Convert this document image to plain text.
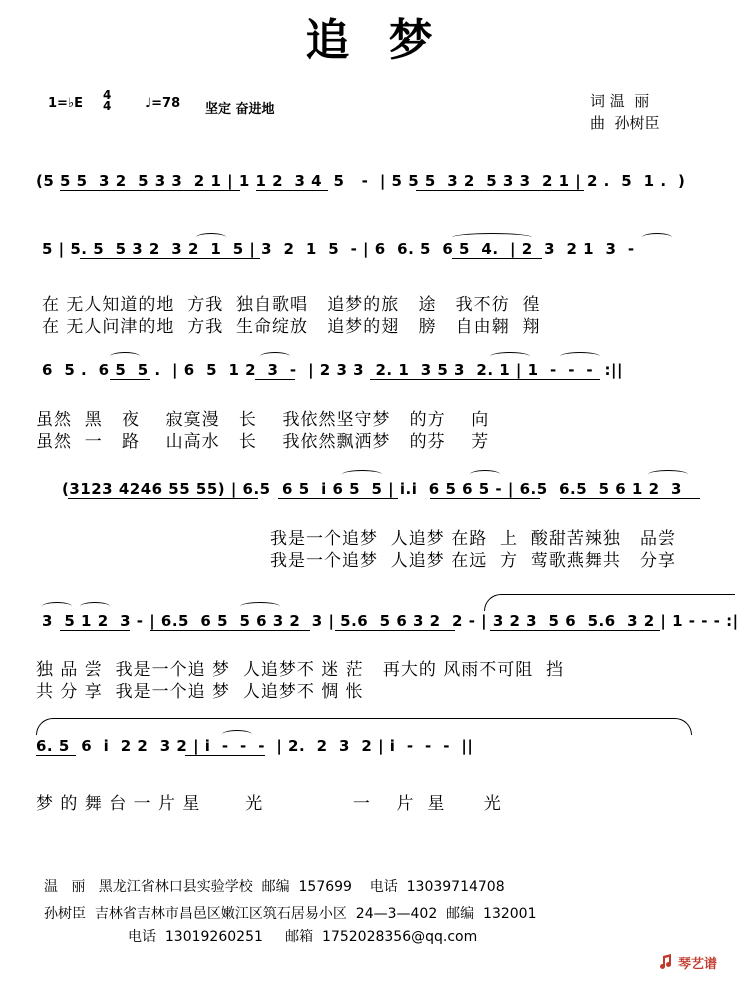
追 梦
1=♭E
4
4	♩=78 坚定 奋进地	词 温  丽
曲  孙树臣
(5 5 5  3 2  5 3 3  2 1 | 1 1 2  3 4  5   -  | 5 5 5  3 2  5 3 3  2 1 | 2 .  5  1 .  )
5 | 5. 5  5 3 2  3 2  1  5 | 3  2  1  5  - | 6  6. 5  6 5  4.  | 2  3  2 1  3  -
在 无人知道的地  方我  独自歌唱   追梦的旅   途   我不彷  徨
在 无人问津的地  方我  生命绽放   追梦的翅   膀   自由翱  翔
6  5 .  6 5  5 .  | 6  5  1 2  3  -  | 2 3 3  2. 1  3 5 3  2. 1 | 1  -  -  -  :||
虽然  黑   夜    寂寞漫   长    我依然坚守梦   的方    向
虽然  一   路    山高水   长    我依然飘洒梦   的芬    芳
(3123 4246 55 55) | 6.5  6 5  i 6 5  5 | i.i  6 5 6 5 - | 6.5  6.5  5 6 1 2  3
我是一个追梦  人追梦 在路  上  酸甜苦辣独   品尝
我是一个追梦  人追梦 在远  方  莺歌燕舞共   分享
3  5 1 2  3 - | 6.5  6 5  5 6 3 2  3 | 5.6  5 6 3 2  2 - | 3 2 3  5 6  5.6  3 2 | 1 - - - :|
独 品 尝  我是一个追 梦  人追梦不 迷 茫   再大的 风雨不可阻  挡
共 分 享  我是一个追 梦  人追梦不 惆 怅
6. 5  6  i  2 2  3 2 | i  -  -  -  | 2.  2  3  2 | i  -  -  -  ||
梦 的 舞 台 一 片 星       光              一    片  星      光
温   丽   黑龙江省林口县实验学校  邮编  157699    电话  13039714708
孙树臣  吉林省吉林市昌邑区嫩江区筑石居易小区  24—3—402  邮编  132001
电话  13019260251     邮箱  1752028356@qq.com

琴艺谱
